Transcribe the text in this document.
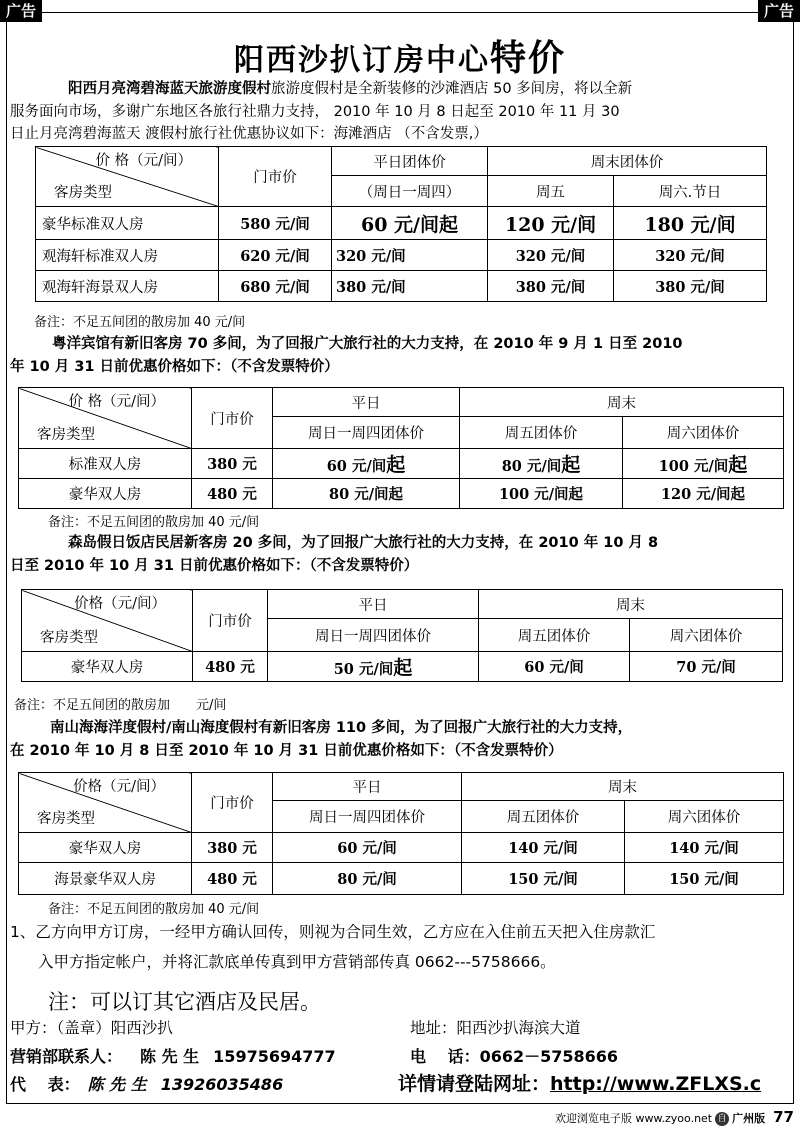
广告	广告
阳西沙扒订房中心特价
阳西月亮湾碧海蓝天旅游度假村旅游度假村是全新装修的沙滩酒店 50 多间房，将以全新
服务面向市场，多谢广东地区各旅行社鼎力支持， 2010 年 10 月 8 日起至 2010 年 11 月 30
日止月亮湾碧海蓝天 渡假村旅行社优惠协议如下：海滩酒店 （不含发票,）
价 格（元/间）
客房类型	门市价	平日团体价	周末团体价	
		（周日一周四）	周五	周六.节日
豪华标准双人房	580 元/间	60 元/间起	120 元/间	180 元/间
观海轩标准双人房	620 元/间	320 元/间	320 元/间	320 元/间
观海轩海景双人房	680 元/间	380 元/间	380 元/间	380 元/间
备注：不足五间团的散房加 40 元/间
粤洋宾馆有新旧客房 70 多间，为了回报广大旅行社的大力支持，在 2010 年 9 月 1 日至 2010
年 10 月 31 日前优惠价格如下：（不含发票特价）
价 格（元/间）
客房类型	门市价	平日	周末	
		周日一周四团体价	周五团体价	周六团体价
标准双人房	380 元	60 元/间起	80 元/间起	100 元/间起
豪华双人房	480 元	80 元/间起	100 元/间起	120 元/间起
备注：不足五间团的散房加 40 元/间
森岛假日饭店民居新客房 20 多间，为了回报广大旅行社的大力支持，在 2010 年 10 月 8
日至 2010 年 10 月 31 日前优惠价格如下：（不含发票特价）
价格（元/间）
客房类型	门市价	平日	周末	
		周日一周四团体价	周五团体价	周六团体价
豪华双人房	480 元	50 元/间起	60 元/间	70 元/间
备注：不足五间团的散房加　　元/间
南山海海洋度假村/南山海度假村有新旧客房 110 多间，为了回报广大旅行社的大力支持，
在 2010 年 10 月 8 日至 2010 年 10 月 31 日前优惠价格如下：（不含发票特价）
价格（元/间）
客房类型	门市价	平日	周末	
		周日一周四团体价	周五团体价	周六团体价
豪华双人房	380 元	60 元/间	140 元/间	140 元/间
海景豪华双人房	480 元	80 元/间	150 元/间	150 元/间
备注：不足五间团的散房加 40 元/间
1、乙方向甲方订房，一经甲方确认回传，则视为合同生效，乙方应在入住前五天把入住房款汇
入甲方指定帐户，并将汇款底单传真到甲方营销部传真 0662---5758666。
注：可以订其它酒店及民居。
甲方：（盖章）阳西沙扒	地址：阳西沙扒海滨大道
营销部联系人： 陈 先 生 15975694777	电　 话：0662－5758666
代　 表： 陈 先 生 13926035486	详情请登陆网址：http://www.ZFLXS.c
欢迎浏览电子版 www.zyoo.net 自 广州版 77
